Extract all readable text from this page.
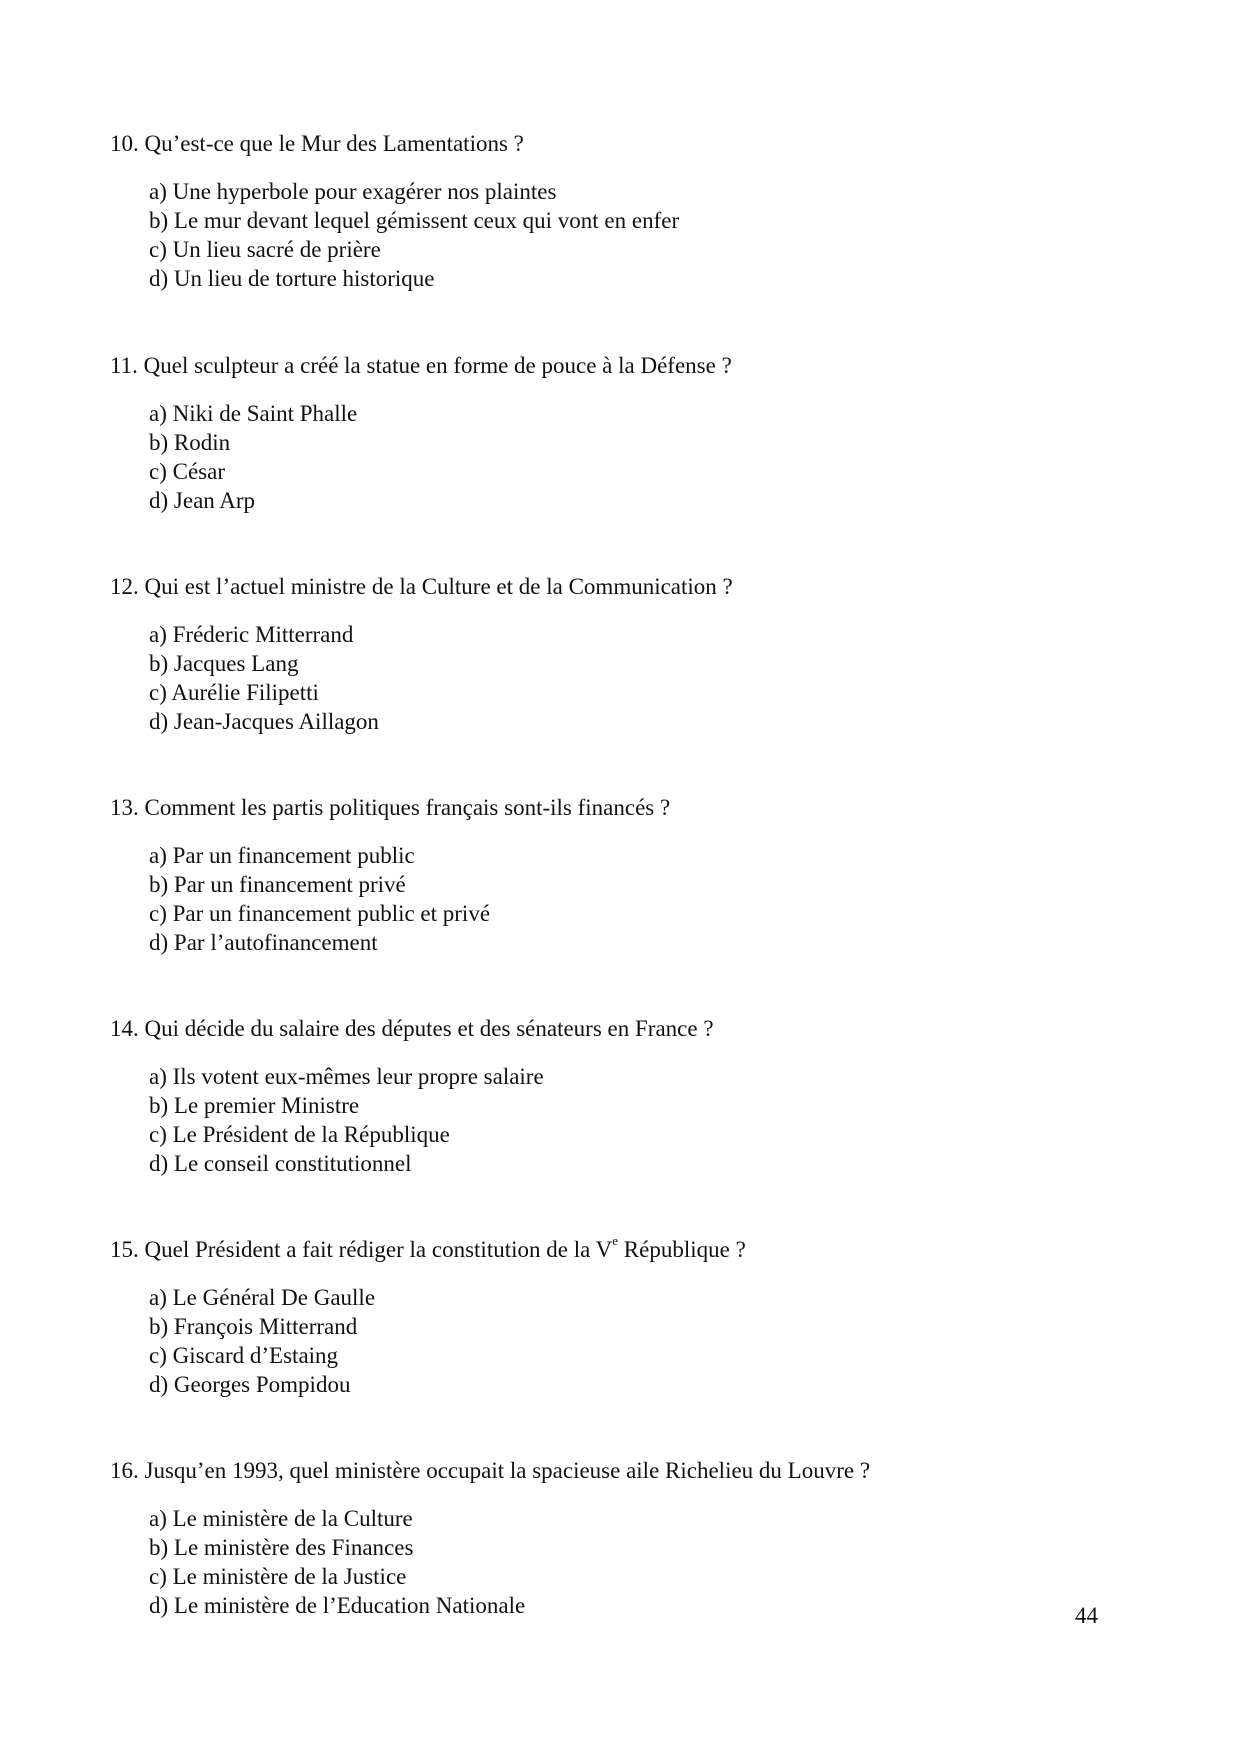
10. Qu’est-ce que le Mur des Lamentations ?

a) Une hyperbole pour exagérer nos plaintes
b) Le mur devant lequel gémissent ceux qui vont en enfer
c) Un lieu sacré de prière
d) Un lieu de torture historique

11. Quel sculpteur a créé la statue en forme de pouce à la Défense ?

a) Niki de Saint Phalle
b) Rodin
c) César
d) Jean Arp

12. Qui est l’actuel ministre de la Culture et de la Communication ?

a) Fréderic Mitterrand
b) Jacques Lang
c) Aurélie Filipetti
d) Jean-Jacques Aillagon

13. Comment les partis politiques français sont-ils financés ?

a) Par un financement public
b) Par un financement privé
c) Par un financement public et privé
d) Par l’autofinancement

14. Qui décide du salaire des députes et des sénateurs en France ?

a) Ils votent eux-mêmes leur propre salaire
b) Le premier Ministre
c) Le Président de la République
d) Le conseil constitutionnel

15. Quel Président a fait rédiger la constitution de la Ve République ?

a) Le Général De Gaulle
b) François Mitterrand
c) Giscard d’Estaing
d) Georges Pompidou

16. Jusqu’en 1993, quel ministère occupait la spacieuse aile Richelieu du Louvre ?

a) Le ministère de la Culture
b) Le ministère des Finances
c) Le ministère de la Justice
d) Le ministère de l’Education Nationale	44
